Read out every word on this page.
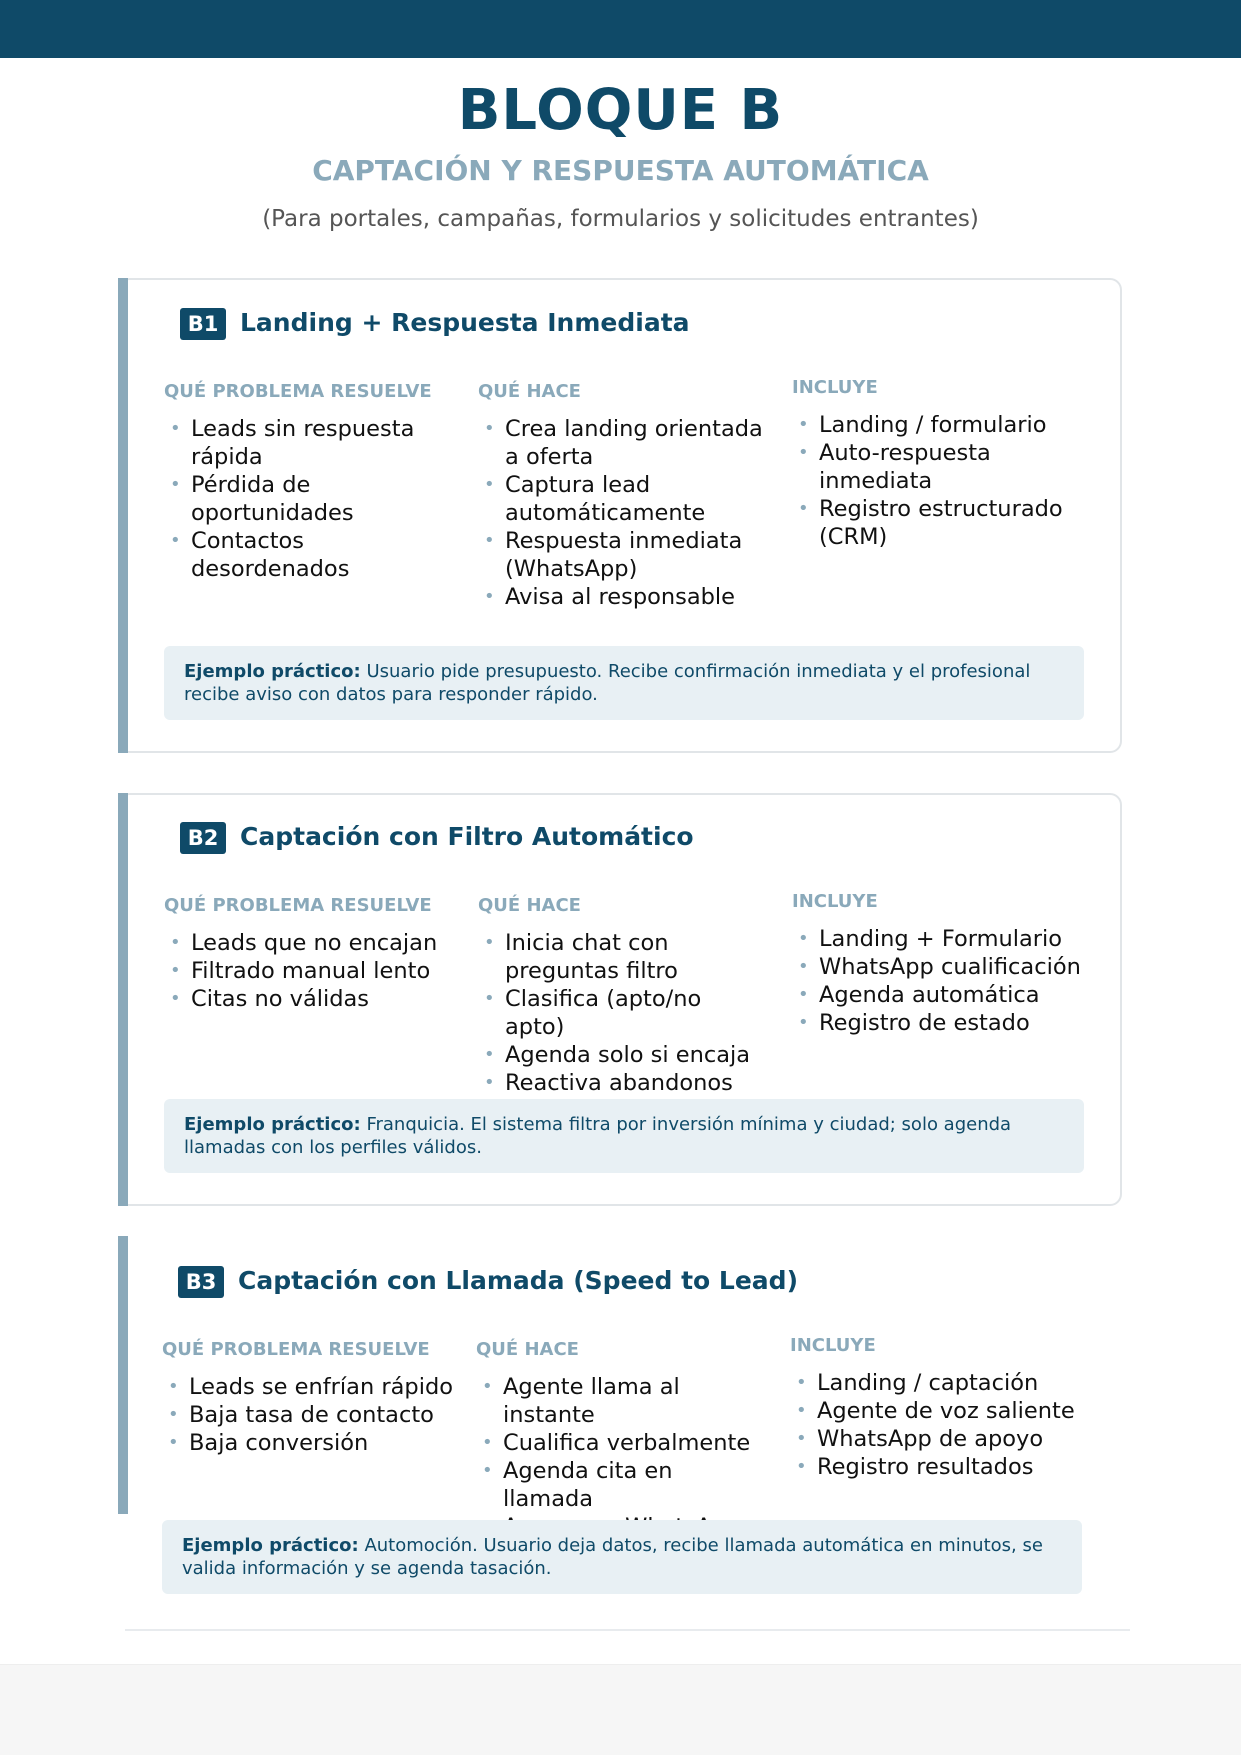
BLOQUE B
CAPTACIÓN Y RESPUESTA AUTOMÁTICA
(Para portales, campañas, formularios y solicitudes entrantes)
B1 Landing + Respuesta Inmediata
QUÉ PROBLEMA RESUELVE
• Leads sin respuesta rápida
• Pérdida de oportunidades
• Contactos desordenados
QUÉ HACE
• Crea landing orientada a oferta
• Captura lead automáticamente
• Respuesta inmediata (WhatsApp)
• Avisa al responsable
INCLUYE
• Landing / formulario
• Auto-respuesta inmediata
• Registro estructurado (CRM)
Ejemplo práctico: Usuario pide presupuesto. Recibe confirmación inmediata y el profesional recibe aviso con datos para responder rápido.
B2 Captación con Filtro Automático
QUÉ PROBLEMA RESUELVE
• Leads que no encajan
• Filtrado manual lento
• Citas no válidas
QUÉ HACE
• Inicia chat con preguntas filtro
• Clasifica (apto/no apto)
• Agenda solo si encaja
• Reactiva abandonos
INCLUYE
• Landing + Formulario
• WhatsApp cualificación
• Agenda automática
• Registro de estado
Ejemplo práctico: Franquicia. El sistema filtra por inversión mínima y ciudad; solo agenda llamadas con los perfiles válidos.
B3 Captación con Llamada (Speed to Lead)
QUÉ PROBLEMA RESUELVE
• Leads se enfrían rápido
• Baja tasa de contacto
• Baja conversión
QUÉ HACE
• Agente llama al instante
• Cualifica verbalmente
• Agenda cita en llamada
•
INCLUYE
• Landing / captación
• Agente de voz saliente
• WhatsApp de apoyo
• Registro resultados
Ejemplo práctico: Automoción. Usuario deja datos, recibe llamada automática en minutos, se valida información y se agenda tasación.
